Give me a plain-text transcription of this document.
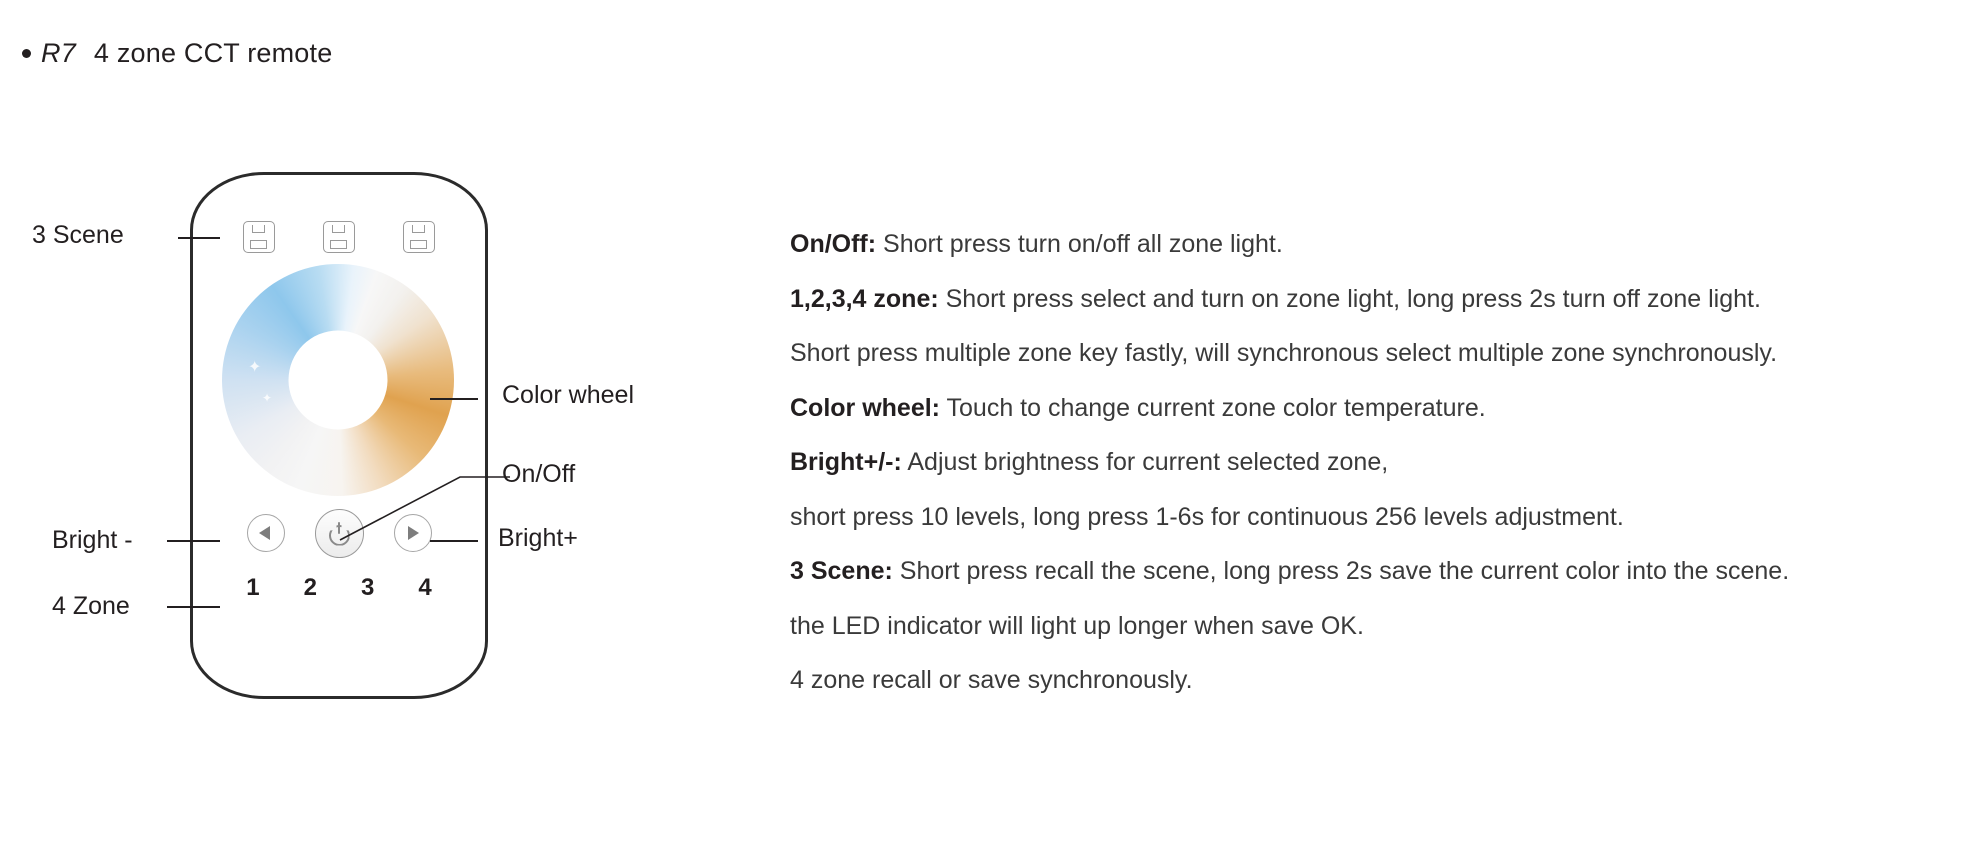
R7 4 zone CCT remote
✦
✦
1 2 3 4
3 Scene
Bright -
4 Zone
Color wheel
On/Off
Bright+

On/Off: Short press turn on/off all zone light.

1,2,3,4 zone: Short press select and turn on zone light, long press 2s turn off zone light.

Short press multiple zone key fastly, will synchronous select multiple zone synchronously.

Color wheel: Touch to change current zone color temperature.

Bright+/-: Adjust brightness for current selected zone,

short press 10 levels, long press 1-6s for continuous 256 levels adjustment.

3 Scene: Short press recall the scene, long press 2s save the current color into the scene.

the LED indicator will light up longer when save OK.

4 zone recall or save synchronously.
